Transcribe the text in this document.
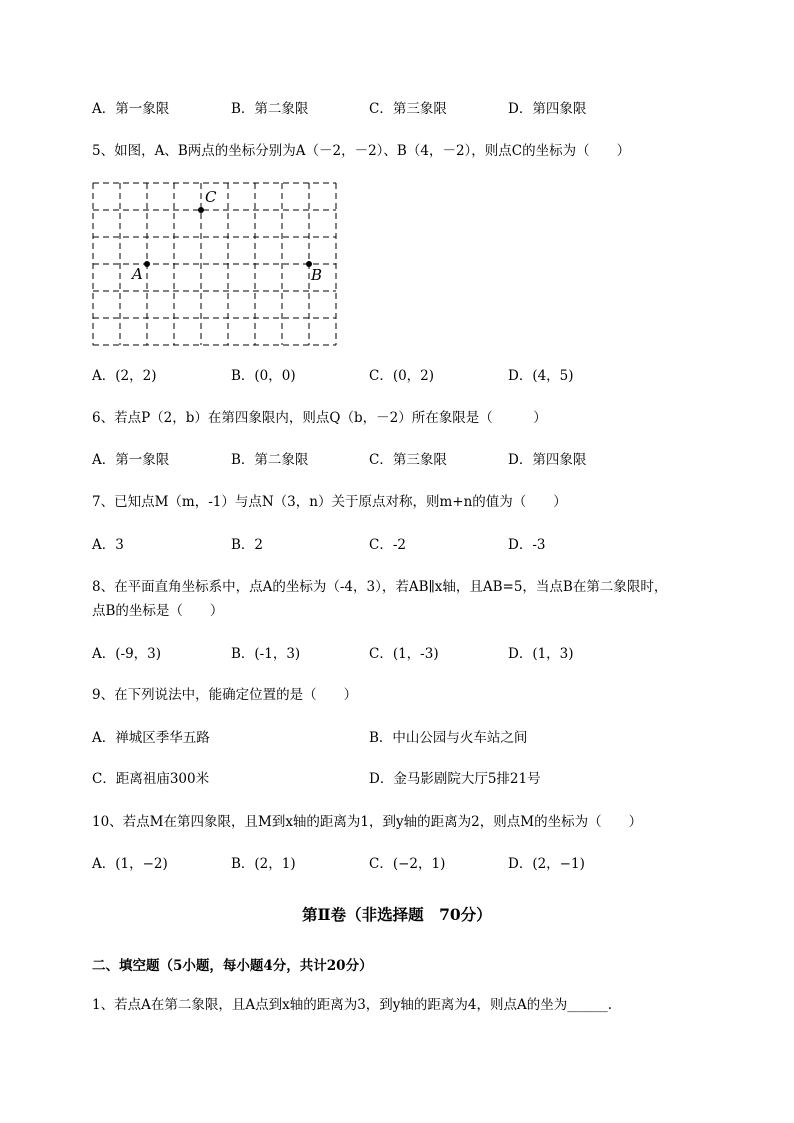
A．第一象限	B．第二象限	C．第三象限	D．第四象限
5、如图，A、B两点的坐标分别为A（－2，－2）、B（4，－2），则点C的坐标为（　　）
C
A	B
A．(2，2)	B．(0，0)	C．(0，2)	D．(4，5)
6、若点P（2，b）在第四象限内，则点Q（b，－2）所在象限是（　　　）
A．第一象限	B．第二象限	C．第三象限	D．第四象限
7、已知点M（m，-1）与点N（3，n）关于原点对称，则m+n的值为（　　）
A．3	B．2	C．-2	D．-3
8、在平面直角坐标系中，点A的坐标为（-4，3），若AB∥x轴，且AB=5，当点B在第二象限时，
点B的坐标是（　　）
A．(-9，3)	B．(-1，3)	C．(1，-3)	D．(1，3)
9、在下列说法中，能确定位置的是（　　）
A．禅城区季华五路	B．中山公园与火车站之间
C．距离祖庙300米	D．金马影剧院大厅5排21号
10、若点M在第四象限，且M到x轴的距离为1，到y轴的距离为2，则点M的坐标为（　　）
A．(1，−2)	B．(2，1)	C．(−2，1)	D．(2，−1)
第Ⅱ卷（非选择题　70分）
二、填空题（5小题，每小题4分，共计20分）
1、若点A在第二象限，且A点到x轴的距离为3，到y轴的距离为4，则点A的坐为______.
